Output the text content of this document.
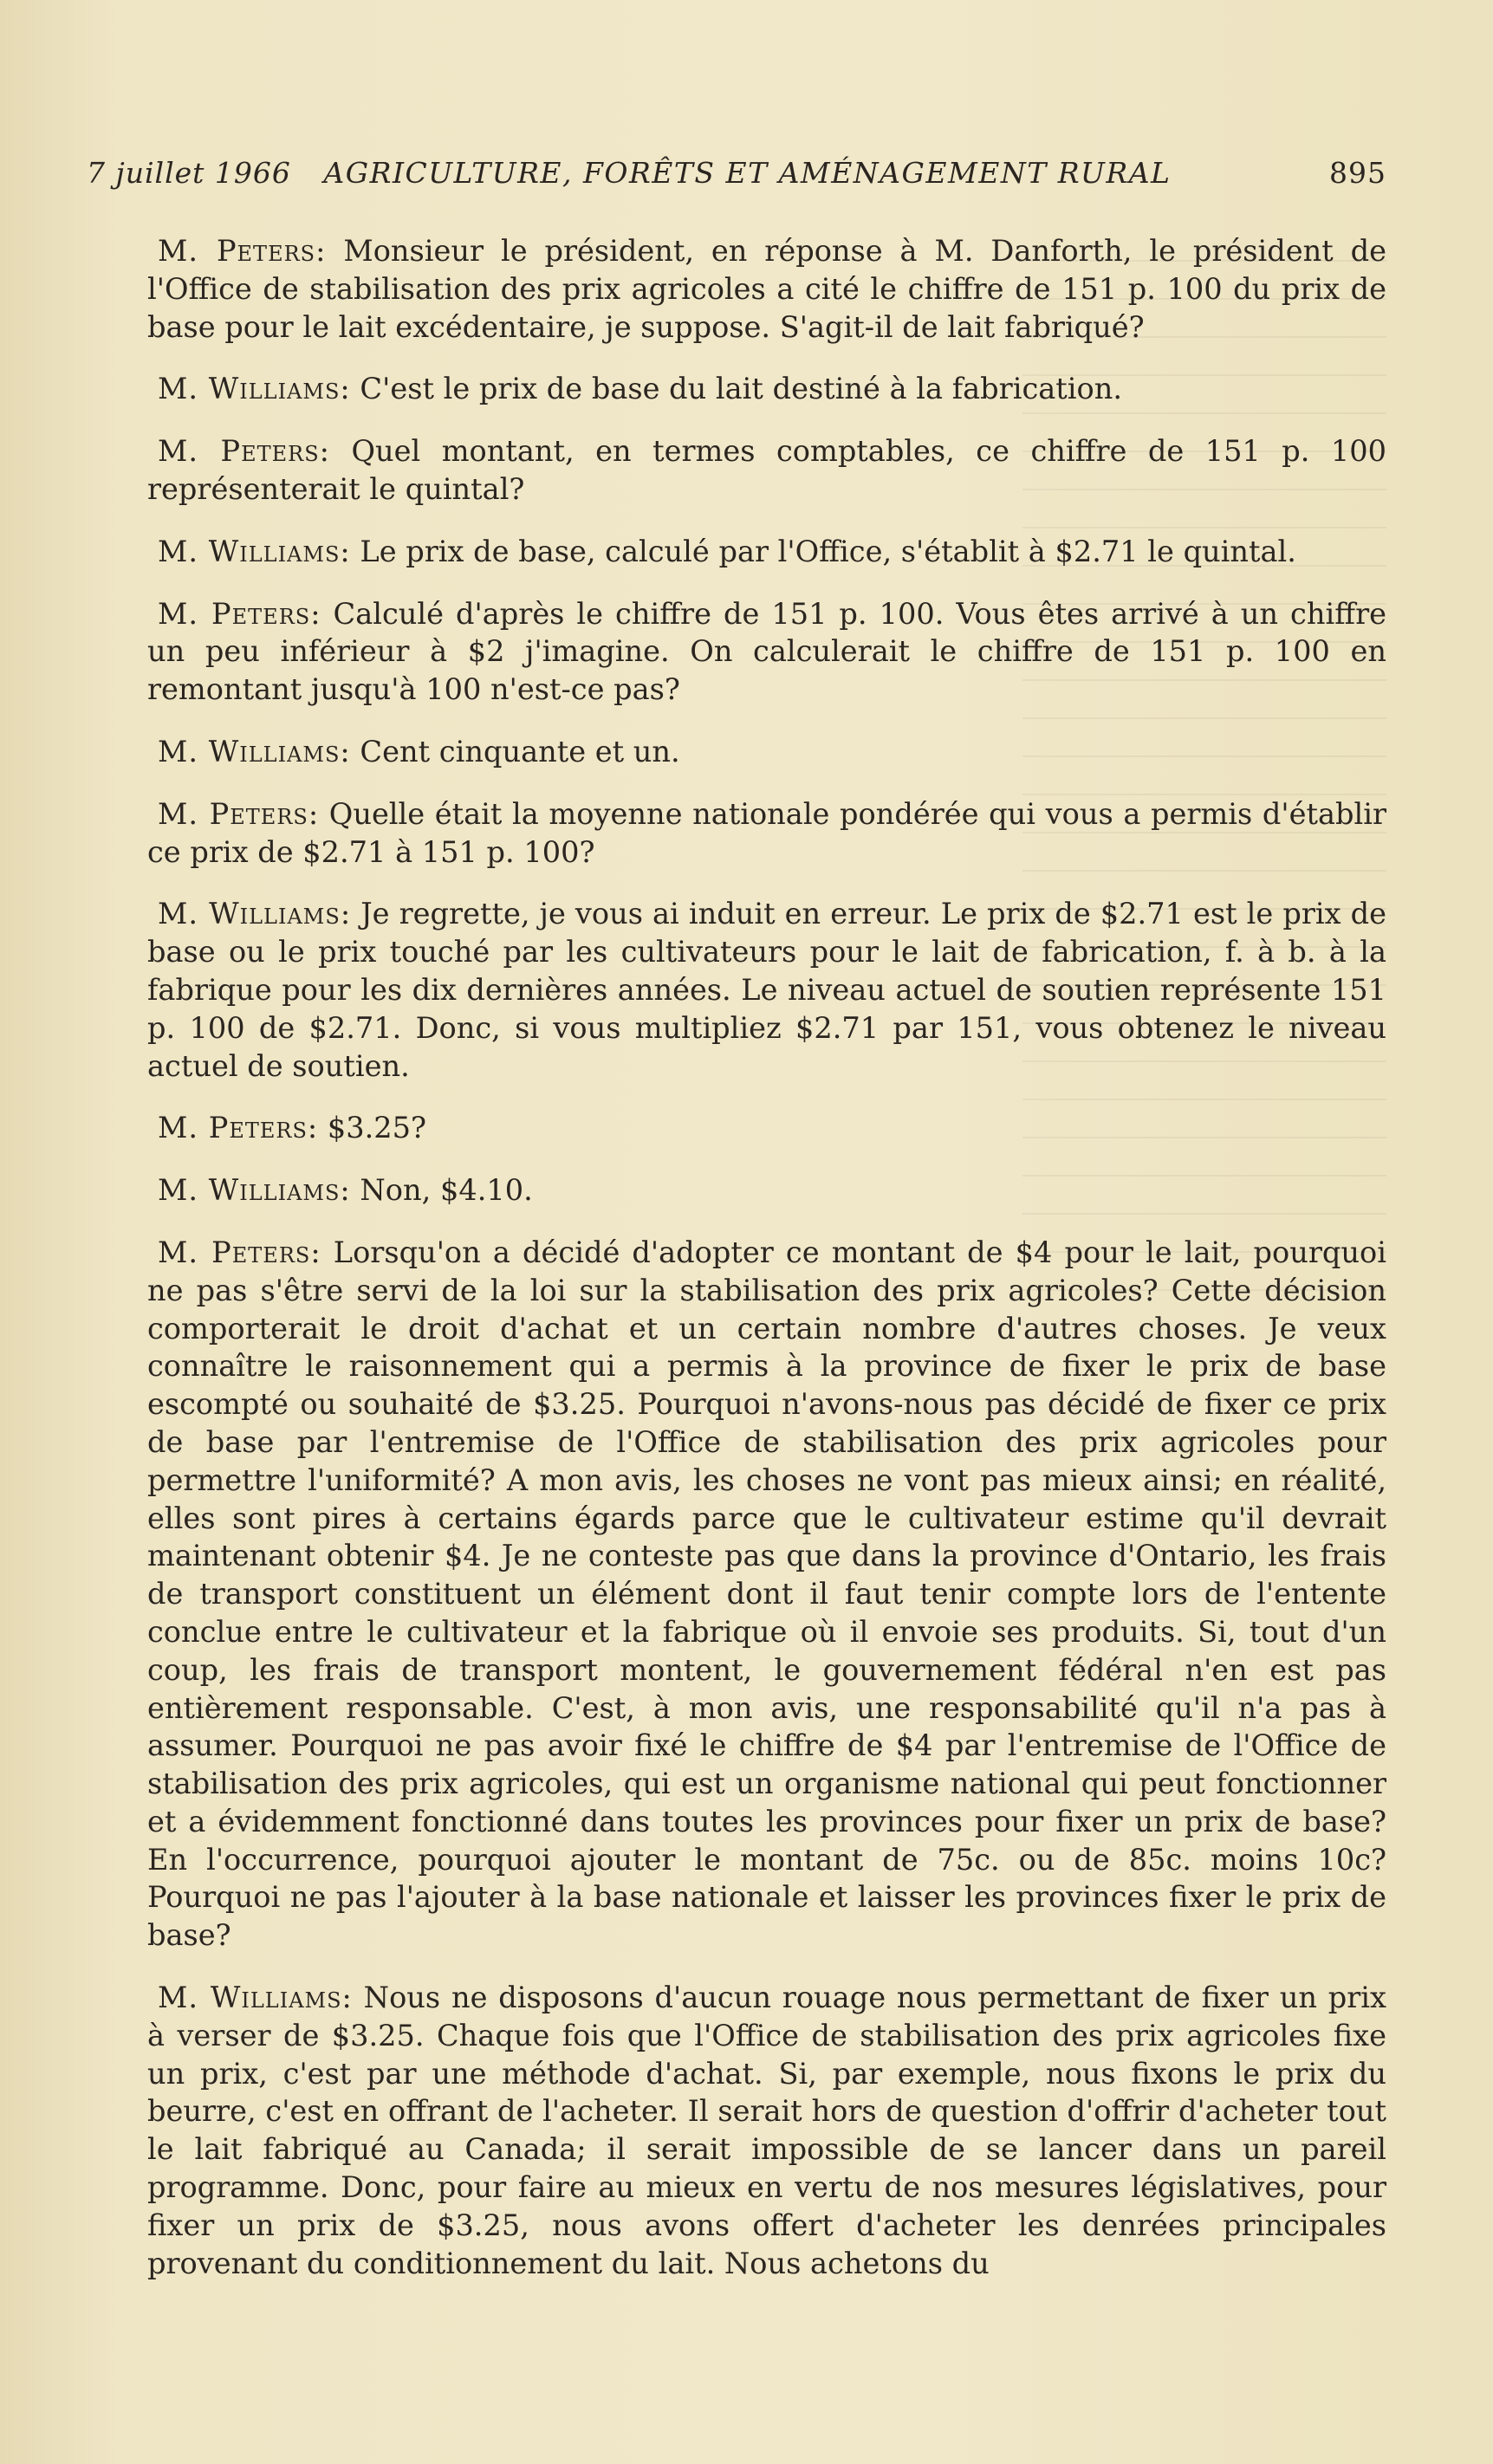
7 juillet 1966 AGRICULTURE, FORÊTS ET AMÉNAGEMENT RURAL	895

M. Peters: Monsieur le président, en réponse à M. Danforth, le président de l'Office de stabilisation des prix agricoles a cité le chiffre de 151 p. 100 du prix de base pour le lait excédentaire, je suppose. S'agit-il de lait fabriqué?

M. Williams: C'est le prix de base du lait destiné à la fabrication.

M. Peters: Quel montant, en termes comptables, ce chiffre de 151 p. 100 représenterait le quintal?

M. Williams: Le prix de base, calculé par l'Office, s'établit à $2.71 le quintal.

M. Peters: Calculé d'après le chiffre de 151 p. 100. Vous êtes arrivé à un chiffre un peu inférieur à $2 j'imagine. On calculerait le chiffre de 151 p. 100 en remontant jusqu'à 100 n'est-ce pas?

M. Williams: Cent cinquante et un.

M. Peters: Quelle était la moyenne nationale pondérée qui vous a permis d'établir ce prix de $2.71 à 151 p. 100?

M. Williams: Je regrette, je vous ai induit en erreur. Le prix de $2.71 est le prix de base ou le prix touché par les cultivateurs pour le lait de fabrication, f. à b. à la fabrique pour les dix dernières années. Le niveau actuel de soutien représente 151 p. 100 de $2.71. Donc, si vous multipliez $2.71 par 151, vous obtenez le niveau actuel de soutien.

M. Peters: $3.25?

M. Williams: Non, $4.10.

M. Peters: Lorsqu'on a décidé d'adopter ce montant de $4 pour le lait, pourquoi ne pas s'être servi de la loi sur la stabilisation des prix agricoles? Cette décision comporterait le droit d'achat et un certain nombre d'autres choses. Je veux connaître le raisonnement qui a permis à la province de fixer le prix de base escompté ou souhaité de $3.25. Pourquoi n'avons-nous pas décidé de fixer ce prix de base par l'entremise de l'Office de stabilisation des prix agricoles pour permettre l'uniformité? A mon avis, les choses ne vont pas mieux ainsi; en réalité, elles sont pires à certains égards parce que le cultivateur estime qu'il devrait maintenant obtenir $4. Je ne conteste pas que dans la province d'Ontario, les frais de transport constituent un élément dont il faut tenir compte lors de l'entente conclue entre le cultivateur et la fabrique où il envoie ses produits. Si, tout d'un coup, les frais de transport montent, le gouvernement fédéral n'en est pas entièrement responsable. C'est, à mon avis, une responsabilité qu'il n'a pas à assumer. Pourquoi ne pas avoir fixé le chiffre de $4 par l'entremise de l'Office de stabilisation des prix agricoles, qui est un organisme national qui peut fonctionner et a évidemment fonctionné dans toutes les provinces pour fixer un prix de base? En l'occurrence, pourquoi ajouter le montant de 75c. ou de 85c. moins 10c? Pourquoi ne pas l'ajouter à la base nationale et laisser les provinces fixer le prix de base?

M. Williams: Nous ne disposons d'aucun rouage nous permettant de fixer un prix à verser de $3.25. Chaque fois que l'Office de stabilisation des prix agricoles fixe un prix, c'est par une méthode d'achat. Si, par exemple, nous fixons le prix du beurre, c'est en offrant de l'acheter. Il serait hors de question d'offrir d'acheter tout le lait fabriqué au Canada; il serait impossible de se lancer dans un pareil programme. Donc, pour faire au mieux en vertu de nos mesures législatives, pour fixer un prix de $3.25, nous avons offert d'acheter les denrées principales provenant du conditionnement du lait. Nous achetons du
